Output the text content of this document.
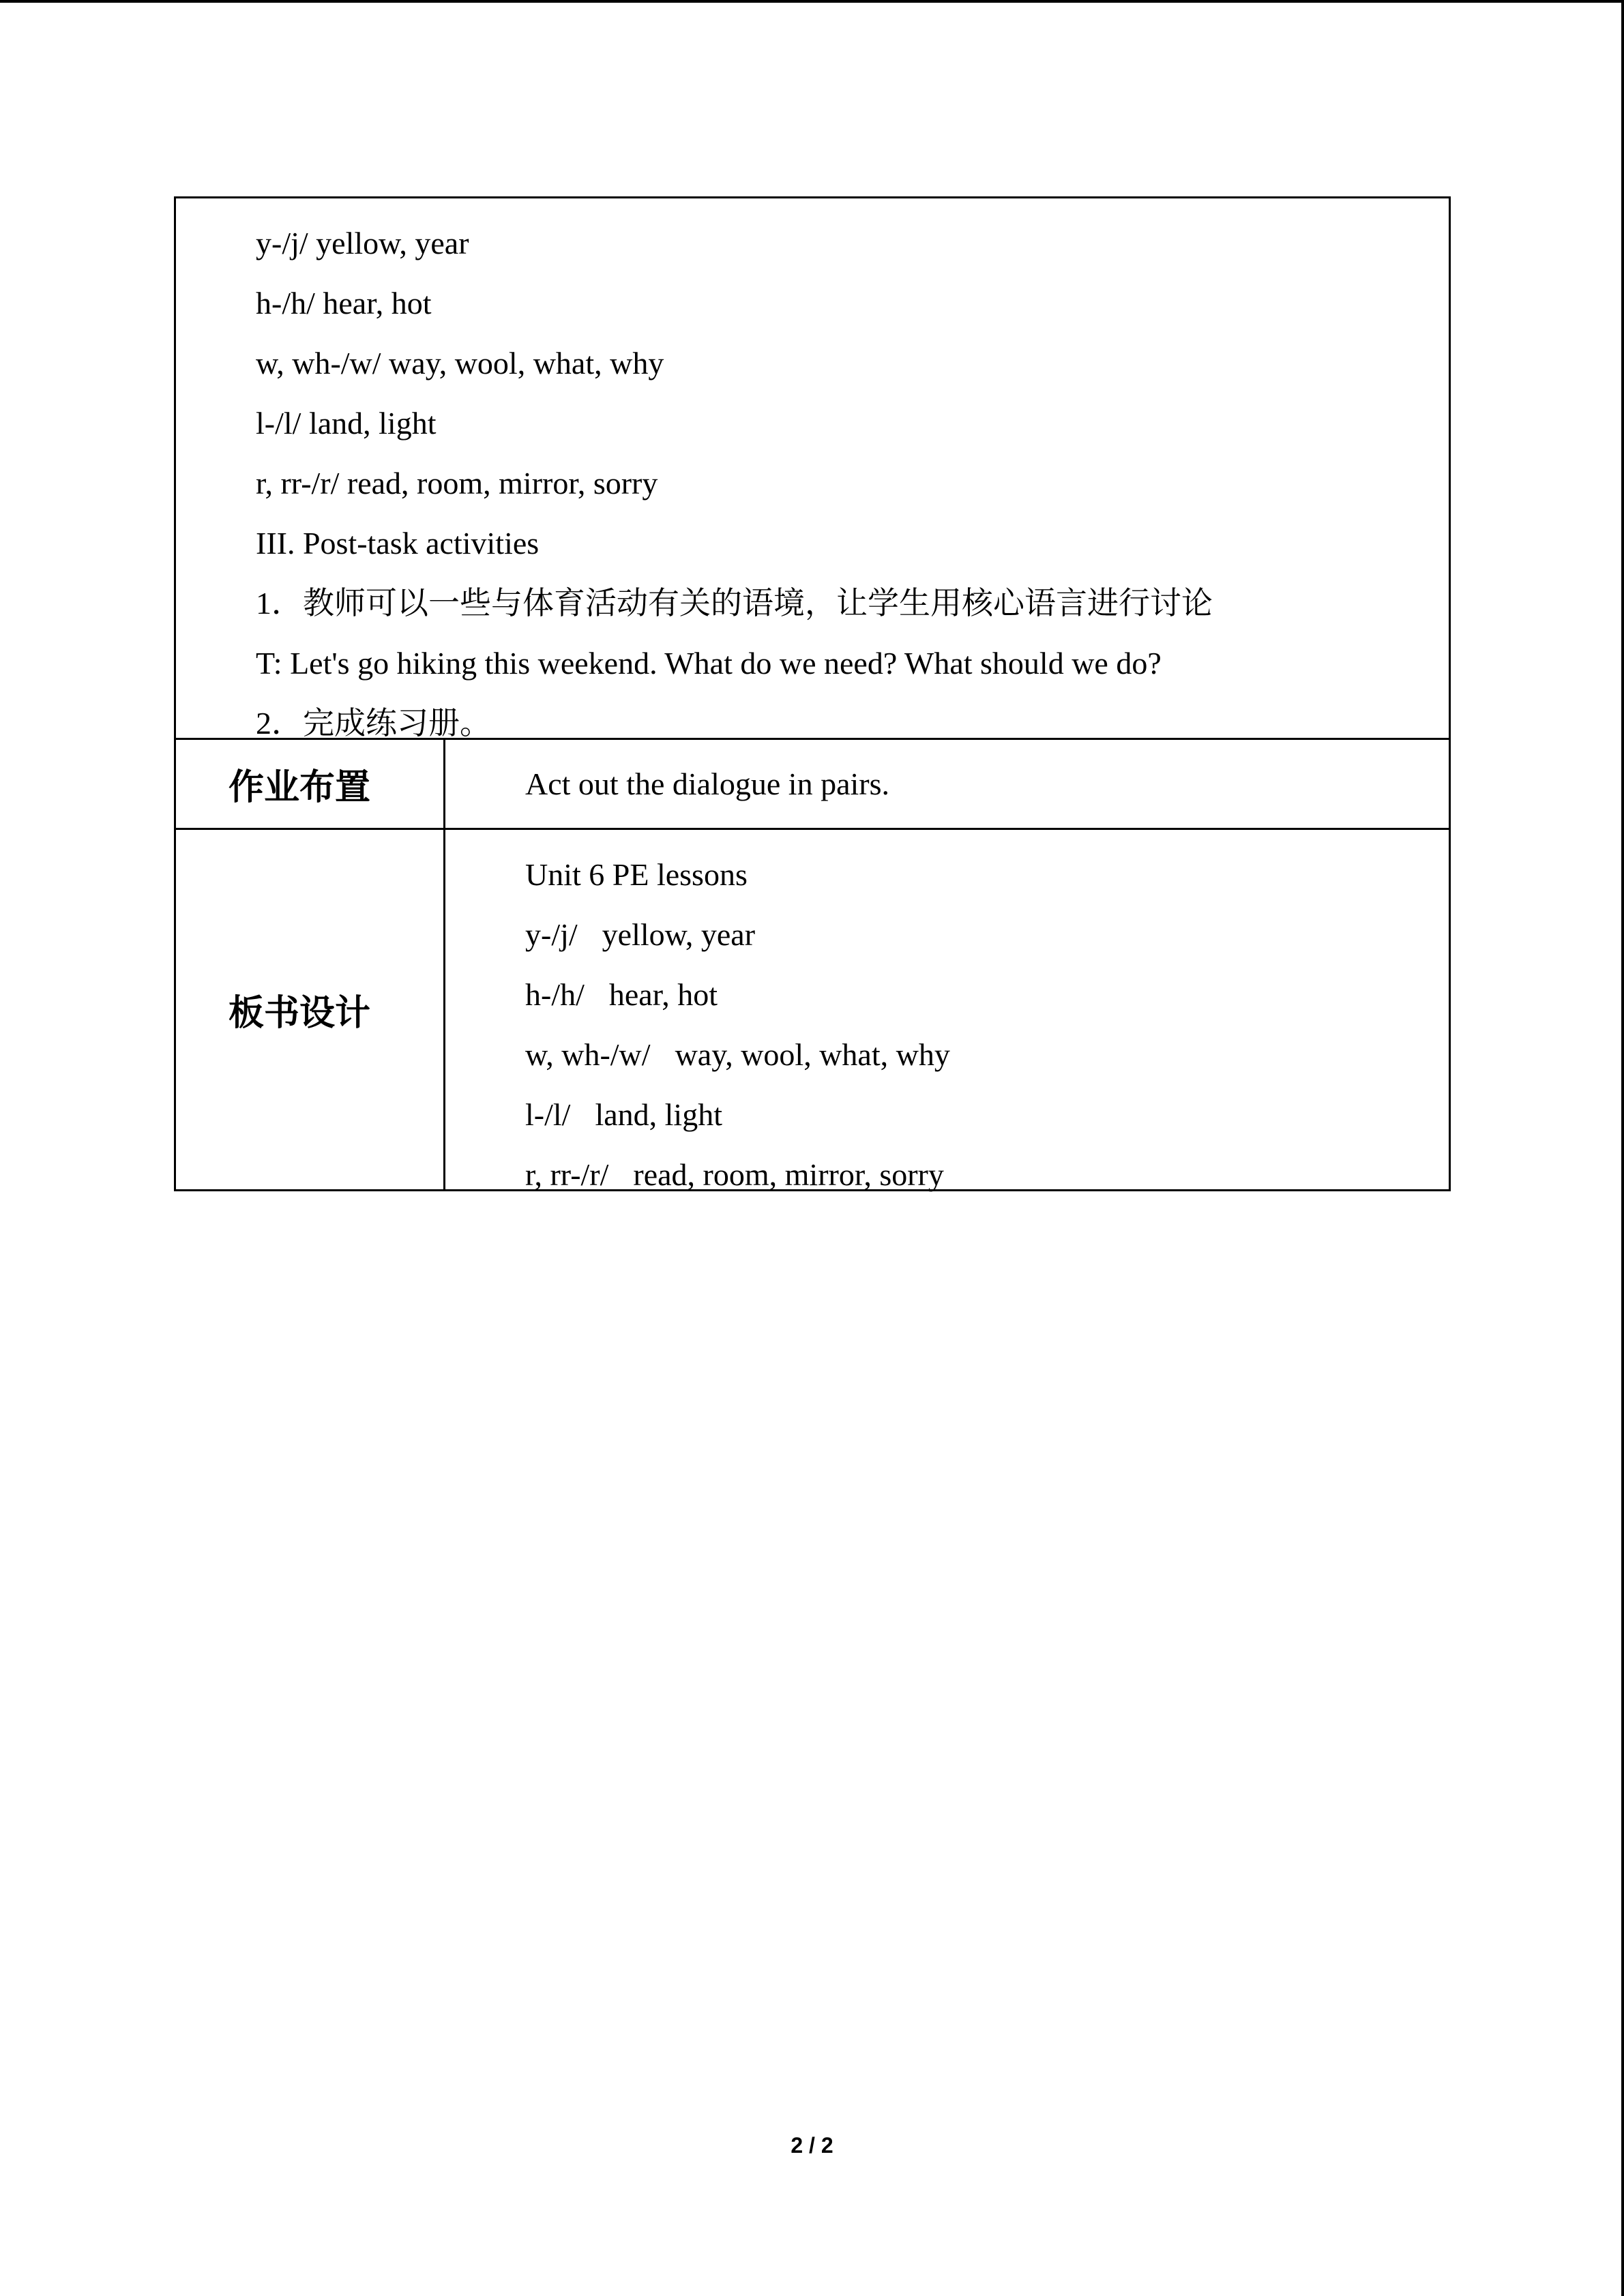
y-/j/ yellow, year
h-/h/ hear, hot
w, wh-/w/ way, wool, what, why
l-/l/ land, light
r, rr-/r/ read, room, mirror, sorry
III. Post-task activities
1．教师可以一些与体育活动有关的语境，让学生用核心语言进行讨论
T: Let's go hiking this weekend. What do we need? What should we do?
2．完成练习册。
作业布置	Act out the dialogue in pairs.
板书设计
Unit 6 PE lessons
y-/j/ yellow, year
h-/h/ hear, hot
w, wh-/w/ way, wool, what, why
l-/l/ land, light
r, rr-/r/ read, room, mirror, sorry
2 / 2
